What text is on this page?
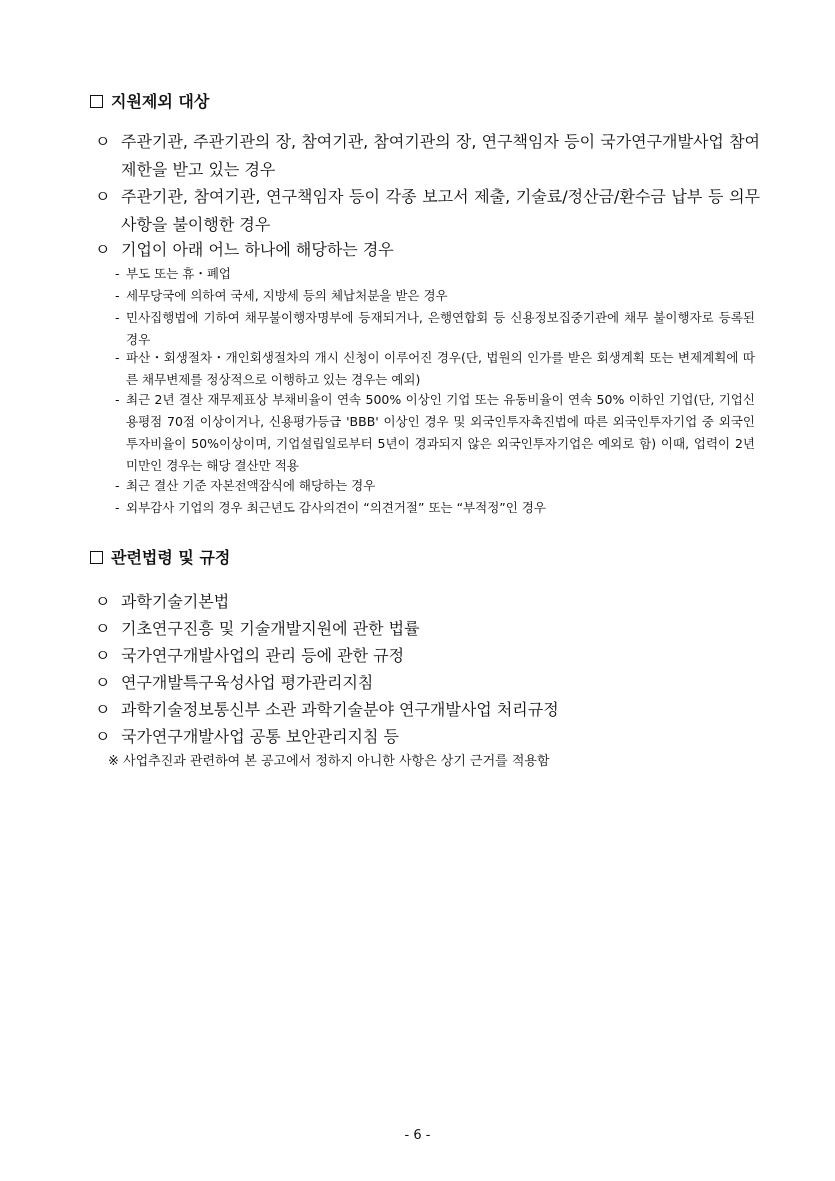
지원제외 대상
ㅇ 주관기관, 주관기관의 장, 참여기관, 참여기관의 장, 연구책임자 등이 국가연구개발사업 참여제한을 받고 있는 경우
ㅇ 주관기관, 참여기관, 연구책임자 등이 각종 보고서 제출, 기술료/정산금/환수금 납부 등 의무사항을 불이행한 경우
ㅇ 기업이 아래 어느 하나에 해당하는 경우
- 부도 또는 휴・폐업
- 세무당국에 의하여 국세, 지방세 등의 체납처분을 받은 경우
- 민사집행법에 기하여 채무불이행자명부에 등재되거나, 은행연합회 등 신용정보집중기관에 채무 불이행자로 등록된 경우
- 파산・회생절차・개인회생절차의 개시 신청이 이루어진 경우(단, 법원의 인가를 받은 회생계획 또는 변제계획에 따른 채무변제를 정상적으로 이행하고 있는 경우는 예외)
- 최근 2년 결산 재무제표상 부채비율이 연속 500% 이상인 기업 또는 유동비율이 연속 50% 이하인 기업(단, 기업신용평점 70점 이상이거나, 신용평가등급 'BBB' 이상인 경우 및 외국인투자촉진법에 따른 외국인투자기업 중 외국인투자비율이 50%이상이며, 기업설립일로부터 5년이 경과되지 않은 외국인투자기업은 예외로 함) 이때, 업력이 2년 미만인 경우는 해당 결산만 적용
- 최근 결산 기준 자본전액잠식에 해당하는 경우
- 외부감사 기업의 경우 최근년도 감사의견이 “의견거절” 또는 “부적정”인 경우
관련법령 및 규정
ㅇ 과학기술기본법
ㅇ 기초연구진흥 및 기술개발지원에 관한 법률
ㅇ 국가연구개발사업의 관리 등에 관한 규정
ㅇ 연구개발특구육성사업 평가관리지침
ㅇ 과학기술정보통신부 소관 과학기술분야 연구개발사업 처리규정
ㅇ 국가연구개발사업 공통 보안관리지침 등
※ 사업추진과 관련하여 본 공고에서 정하지 아니한 사항은 상기 근거를 적용함
- 6 -
